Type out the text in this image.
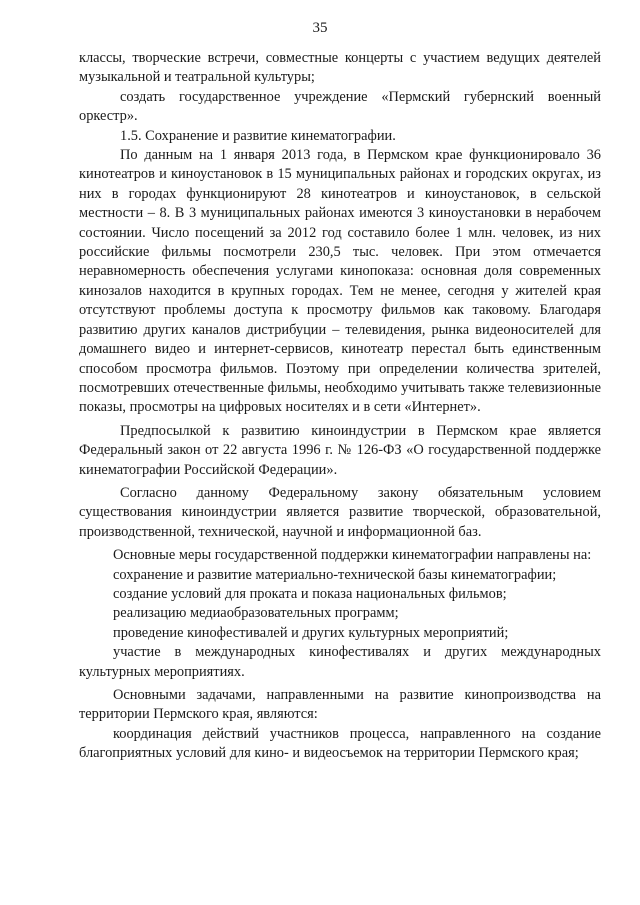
35

классы, творческие встречи, совместные концерты с участием ведущих деятелей музыкальной и театральной культуры;

создать государственное учреждение «Пермский губернский военный оркестр».

1.5. Сохранение и развитие кинематографии.

По данным на 1 января 2013 года, в Пермском крае функционировало 36 кинотеатров и киноустановок в 15 муниципальных районах и городских округах, из них в городах функционируют 28 кинотеатров и киноустановок, в сельской местности – 8. В 3 муниципальных районах имеются 3 киноустановки в нерабочем состоянии. Число посещений за 2012 год составило более 1 млн. человек, из них российские фильмы посмотрели 230,5 тыс. человек. При этом отмечается неравномерность обеспечения услугами кинопоказа: основная доля современных кинозалов находится в крупных городах. Тем не менее, сегодня у жителей края отсутствуют проблемы доступа к просмотру фильмов как таковому. Благодаря развитию других каналов дистрибуции – телевидения, рынка видеоносителей для домашнего видео и интернет-сервисов, кинотеатр перестал быть единственным способом просмотра фильмов. Поэтому при определении количества зрителей, посмотревших отечественные фильмы, необходимо учитывать также телевизионные показы, просмотры на цифровых носителях и в сети «Интернет».

Предпосылкой к развитию киноиндустрии в Пермском крае является Федеральный закон от 22 августа 1996 г. № 126-ФЗ «О государственной поддержке кинематографии Российской Федерации».

Согласно данному Федеральному закону обязательным условием существования киноиндустрии является развитие творческой, образовательной, производственной, технической, научной и информационной баз.

Основные меры государственной поддержки кинематографии направлены на:

сохранение и развитие материально-технической базы кинематографии;

создание условий для проката и показа национальных фильмов;

реализацию медиаобразовательных программ;

проведение кинофестивалей и других культурных мероприятий;

участие в международных кинофестивалях и других международных культурных мероприятиях.

Основными задачами, направленными на развитие кинопроизводства на территории Пермского края, являются:

координация действий участников процесса, направленного на создание благоприятных условий для кино- и видеосъемок на территории Пермского края;
